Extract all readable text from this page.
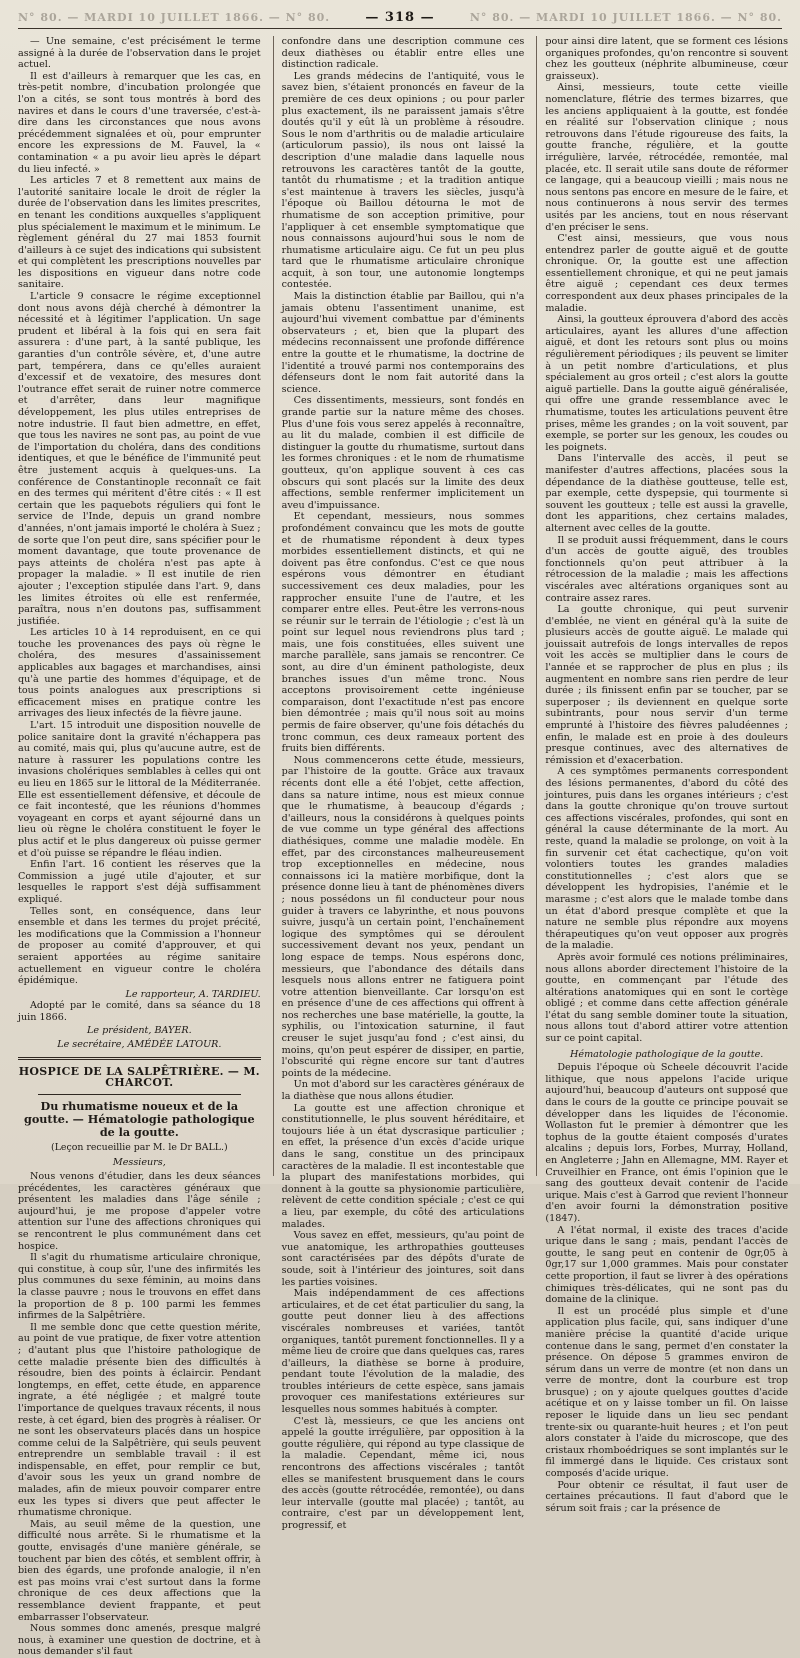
N° 80. — MARDI 10 JUILLET 1866. — N° 80.	— 318 —	N° 80. — MARDI 10 JUILLET 1866. — N° 80.

— Une semaine, c'est précisément le terme assigné à la durée de l'observation dans le projet actuel.

Il est d'ailleurs à remarquer que les cas, en très-petit nombre, d'incubation prolongée que l'on a cités, se sont tous montrés à bord des navires et dans le cours d'une traversée, c'est-à-dire dans les circonstances que nous avons précédemment signalées et où, pour emprunter encore les expressions de M. Fauvel, la « contamination « a pu avoir lieu après le départ du lieu infecté. »

Les articles 7 et 8 remettent aux mains de l'autorité sanitaire locale le droit de régler la durée de l'observation dans les limites prescrites, en tenant les conditions auxquelles s'appliquent plus spécialement le maximum et le minimum. Le règlement général du 27 mai 1853 fournit d'ailleurs à ce sujet des indications qui subsistent et qui complètent les prescriptions nouvelles par les dispositions en vigueur dans notre code sanitaire.

L'article 9 consacre le régime exceptionnel dont nous avons déjà cherché à démontrer la nécessité et à légitimer l'application. Un sage prudent et libéral à la fois qui en sera fait assurera : d'une part, à la santé publique, les garanties d'un contrôle sévère, et, d'une autre part, tempérera, dans ce qu'elles auraient d'excessif et de vexatoire, des mesures dont l'outrance effet serait de ruiner notre commerce et d'arrêter, dans leur magnifique développement, les plus utiles entreprises de notre industrie. Il faut bien admettre, en effet, que tous les navires ne sont pas, au point de vue de l'importation du choléra, dans des conditions identiques, et que le bénéfice de l'immunité peut être justement acquis à quelques-uns. La conférence de Constantinople reconnaît ce fait en des termes qui méritent d'être cités : « Il est certain que les paquebots réguliers qui font le service de l'Inde, depuis un grand nombre d'années, n'ont jamais importé le choléra à Suez ; de sorte que l'on peut dire, sans spécifier pour le moment davantage, que toute provenance de pays atteints de choléra n'est pas apte à propager la maladie. » Il est inutile de rien ajouter ; l'exception stipulée dans l'art. 9, dans les limites étroites où elle est renfermée, paraîtra, nous n'en doutons pas, suffisamment justifiée.

Les articles 10 à 14 reproduisent, en ce qui touche les provenances des pays où règne le choléra, des mesures d'assainissement applicables aux bagages et marchandises, ainsi qu'à une partie des hommes d'équipage, et de tous points analogues aux prescriptions si efficacement mises en pratique contre les arrivages des lieux infectés de la fièvre jaune.

L'art. 15 introduit une disposition nouvelle de police sanitaire dont la gravité n'échappera pas au comité, mais qui, plus qu'aucune autre, est de nature à rassurer les populations contre les invasions cholériques semblables à celles qui ont eu lieu en 1865 sur le littoral de la Méditerranée. Elle est essentiellement défensive, et découle de ce fait incontesté, que les réunions d'hommes voyageant en corps et ayant séjourné dans un lieu où règne le choléra constituent le foyer le plus actif et le plus dangereux où puisse germer et d'où puisse se répandre le fléau indien.

Enfin l'art. 16 contient les réserves que la Commission a jugé utile d'ajouter, et sur lesquelles le rapport s'est déjà suffisamment expliqué.

Telles sont, en conséquence, dans leur ensemble et dans les termes du projet précité, les modifications que la Commission a l'honneur de proposer au comité d'approuver, et qui seraient apportées au régime sanitaire actuellement en vigueur contre le choléra épidémique.

Le rapporteur, A. TARDIEU.

Adopté par le comité, dans sa séance du 18 juin 1866.

Le président, BAYER.
Le secrétaire, AMÉDÉE LATOUR.
HOSPICE DE LA SALPÊTRIÈRE. — M. CHARCOT.
Du rhumatisme noueux et de la goutte. — Hématologie pathologique de la goutte.
(Leçon recueillie par M. le Dr BALL.)
Messieurs,

Nous venons d'étudier, dans les deux séances précédentes, les caractères généraux que présentent les maladies dans l'âge sénile ; aujourd'hui, je me propose d'appeler votre attention sur l'une des affections chroniques qui se rencontrent le plus communément dans cet hospice.

Il s'agit du rhumatisme articulaire chronique, qui constitue, à coup sûr, l'une des infirmités les plus communes du sexe féminin, au moins dans la classe pauvre ; nous le trouvons en effet dans la proportion de 8 p. 100 parmi les femmes infirmes de la Salpêtrière.

Il me semble donc que cette question mérite, au point de vue pratique, de fixer votre attention ; d'autant plus que l'histoire pathologique de cette maladie présente bien des difficultés à résoudre, bien des points à éclaircir. Pendant longtemps, en effet, cette étude, en apparence ingrate, a été négligée ; et malgré toute l'importance de quelques travaux récents, il nous reste, à cet égard, bien des progrès à réaliser. Or ne sont les observateurs placés dans un hospice comme celui de la Salpêtrière, qui seuls peuvent entreprendre un semblable travail : il est indispensable, en effet, pour remplir ce but, d'avoir sous les yeux un grand nombre de malades, afin de mieux pouvoir comparer entre eux les types si divers que peut affecter le rhumatisme chronique.

Mais, au seuil même de la question, une difficulté nous arrête. Si le rhumatisme et la goutte, envisagés d'une manière générale, se touchent par bien des côtés, et semblent offrir, à bien des égards, une profonde analogie, il n'en est pas moins vrai c'est surtout dans la forme chronique de ces deux affections que la ressemblance devient frappante, et peut embarrasser l'observateur.

Nous sommes donc amenés, presque malgré nous, à examiner une question de doctrine, et à nous demander s'il faut

confondre dans une description commune ces deux diathèses ou établir entre elles une distinction radicale.

Les grands médecins de l'antiquité, vous le savez bien, s'étaient prononcés en faveur de la première de ces deux opinions ; ou pour parler plus exactement, ils ne paraissent jamais s'être doutés qu'il y eût là un problème à résoudre. Sous le nom d'arthritis ou de maladie articulaire (articulorum passio), ils nous ont laissé la description d'une maladie dans laquelle nous retrouvons les caractères tantôt de la goutte, tantôt du rhumatisme ; et la tradition antique s'est maintenue à travers les siècles, jusqu'à l'époque où Baillou détourna le mot de rhumatisme de son acception primitive, pour l'appliquer à cet ensemble symptomatique que nous connaissons aujourd'hui sous le nom de rhumatisme articulaire aigu. Ce fut un peu plus tard que le rhumatisme articulaire chronique acquit, à son tour, une autonomie longtemps contestée.

Mais la distinction établie par Baillou, qui n'a jamais obtenu l'assentiment unanime, est aujourd'hui vivement combattue par d'éminents observateurs ; et, bien que la plupart des médecins reconnaissent une profonde différence entre la goutte et le rhumatisme, la doctrine de l'identité a trouvé parmi nos contemporains des défenseurs dont le nom fait autorité dans la science.

Ces dissentiments, messieurs, sont fondés en grande partie sur la nature même des choses. Plus d'une fois vous serez appelés à reconnaître, au lit du malade, combien il est difficile de distinguer la goutte du rhumatisme, surtout dans les formes chroniques : et le nom de rhumatisme goutteux, qu'on applique souvent à ces cas obscurs qui sont placés sur la limite des deux affections, semble renfermer implicitement un aveu d'impuissance.

Et cependant, messieurs, nous sommes profondément convaincu que les mots de goutte et de rhumatisme répondent à deux types morbides essentiellement distincts, et qui ne doivent pas être confondus. C'est ce que nous espérons vous démontrer en étudiant successivement ces deux maladies, pour les rapprocher ensuite l'une de l'autre, et les comparer entre elles. Peut-être les verrons-nous se réunir sur le terrain de l'étiologie ; c'est là un point sur lequel nous reviendrons plus tard ; mais, une fois constituées, elles suivent une marche parallèle, sans jamais se rencontrer. Ce sont, au dire d'un éminent pathologiste, deux branches issues d'un même tronc. Nous acceptons provisoirement cette ingénieuse comparaison, dont l'exactitude n'est pas encore bien démontrée ; mais qu'il nous soit au moins permis de faire observer, qu'une fois détachés du tronc commun, ces deux rameaux portent des fruits bien différents.

Nous commencerons cette étude, messieurs, par l'histoire de la goutte. Grâce aux travaux récents dont elle a été l'objet, cette affection, dans sa nature intime, nous est mieux connue que le rhumatisme, à beaucoup d'égards ; d'ailleurs, nous la considérons à quelques points de vue comme un type général des affections diathésiques, comme une maladie modèle. En effet, par des circonstances malheureusement trop exceptionnelles en médecine, nous connaissons ici la matière morbifique, dont la présence donne lieu à tant de phénomènes divers ; nous possédons un fil conducteur pour nous guider à travers ce labyrinthe, et nous pouvons suivre, jusqu'à un certain point, l'enchaînement logique des symptômes qui se déroulent successivement devant nos yeux, pendant un long espace de temps. Nous espérons donc, messieurs, que l'abondance des détails dans lesquels nous allons entrer ne fatiguera point votre attention bienveillante. Car lorsqu'on est en présence d'une de ces affections qui offrent à nos recherches une base matérielle, la goutte, la syphilis, ou l'intoxication saturnine, il faut creuser le sujet jusqu'au fond ; c'est ainsi, du moins, qu'on peut espérer de dissiper, en partie, l'obscurité qui règne encore sur tant d'autres points de la médecine.

Un mot d'abord sur les caractères généraux de la diathèse que nous allons étudier.

La goutte est une affection chronique et constitutionnelle, le plus souvent héréditaire, et toujours liée à un état dyscrasique particulier ; en effet, la présence d'un excès d'acide urique dans le sang, constitue un des principaux caractères de la maladie. Il est incontestable que la plupart des manifestations morbides, qui donnent à la goutte sa physionomie particulière, relèvent de cette condition spéciale ; c'est ce qui a lieu, par exemple, du côté des articulations malades.

Vous savez en effet, messieurs, qu'au point de vue anatomique, les arthropathies goutteuses sont caractérisées par des dépôts d'urate de soude, soit à l'intérieur des jointures, soit dans les parties voisines.

Mais indépendamment de ces affections articulaires, et de cet état particulier du sang, la goutte peut donner lieu à des affections viscérales nombreuses et variées, tantôt organiques, tantôt purement fonctionnelles. Il y a même lieu de croire que dans quelques cas, rares d'ailleurs, la diathèse se borne à produire, pendant toute l'évolution de la maladie, des troubles intérieurs de cette espèce, sans jamais provoquer ces manifestations extérieures sur lesquelles nous sommes habitués à compter.

C'est là, messieurs, ce que les anciens ont appelé la goutte irrégulière, par opposition à la goutte régulière, qui répond au type classique de la maladie. Cependant, même ici, nous rencontrons des affections viscérales ; tantôt elles se manifestent brusquement dans le cours des accès (goutte rétrocédée, remontée), ou dans leur intervalle (goutte mal placée) ; tantôt, au contraire, c'est par un développement lent, progressif, et

pour ainsi dire latent, que se forment ces lésions organiques profondes, qu'on rencontre si souvent chez les goutteux (néphrite albumineuse, cœur graisseux).

Ainsi, messieurs, toute cette vieille nomenclature, flétrie des termes bizarres, que les anciens appliquaient à la goutte, est fondée en réalité sur l'observation clinique ; nous retrouvons dans l'étude rigoureuse des faits, la goutte franche, régulière, et la goutte irrégulière, larvée, rétrocédée, remontée, mal placée, etc. Il serait utile sans doute de réformer ce langage, qui a beaucoup vieilli ; mais nous ne nous sentons pas encore en mesure de le faire, et nous continuerons à nous servir des termes usités par les anciens, tout en nous réservant d'en préciser le sens.

C'est ainsi, messieurs, que vous nous entendrez parler de goutte aiguë et de goutte chronique. Or, la goutte est une affection essentiellement chronique, et qui ne peut jamais être aiguë ; cependant ces deux termes correspondent aux deux phases principales de la maladie.

Ainsi, la goutteux éprouvera d'abord des accès articulaires, ayant les allures d'une affection aiguë, et dont les retours sont plus ou moins régulièrement périodiques ; ils peuvent se limiter à un petit nombre d'articulations, et plus spécialement au gros orteil ; c'est alors la goutte aiguë partielle. Dans la goutte aiguë généralisée, qui offre une grande ressemblance avec le rhumatisme, toutes les articulations peuvent être prises, même les grandes ; on la voit souvent, par exemple, se porter sur les genoux, les coudes ou les poignets.

Dans l'intervalle des accès, il peut se manifester d'autres affections, placées sous la dépendance de la diathèse goutteuse, telle est, par exemple, cette dyspepsie, qui tourmente si souvent les goutteux ; telle est aussi la gravelle, dont les apparitions, chez certains malades, alternent avec celles de la goutte.

Il se produit aussi fréquemment, dans le cours d'un accès de goutte aiguë, des troubles fonctionnels qu'on peut attribuer à la rétrocession de la maladie ; mais les affections viscérales avec altérations organiques sont au contraire assez rares.

La goutte chronique, qui peut survenir d'emblée, ne vient en général qu'à la suite de plusieurs accès de goutte aiguë. Le malade qui jouissait autrefois de longs intervalles de repos voit les accès se multiplier dans le cours de l'année et se rapprocher de plus en plus ; ils augmentent en nombre sans rien perdre de leur durée ; ils finissent enfin par se toucher, par se superposer ; ils deviennent en quelque sorte subintrants, pour nous servir d'un terme emprunté à l'histoire des fièvres paludéennes ; enfin, le malade est en proie à des douleurs presque continues, avec des alternatives de rémission et d'exacerbation.

A ces symptômes permanents correspondent des lésions permanentes, d'abord du côté des jointures, puis dans les organes intérieurs ; c'est dans la goutte chronique qu'on trouve surtout ces affections viscérales, profondes, qui sont en général la cause déterminante de la mort. Au reste, quand la maladie se prolonge, on voit à la fin survenir cet état cachectique, qu'on voit volontiers toutes les grandes maladies constitutionnelles ; c'est alors que se développent les hydropisies, l'anémie et le marasme ; c'est alors que le malade tombe dans un état d'abord presque complète et que la nature ne semble plus répondre aux moyens thérapeutiques qu'on veut opposer aux progrès de la maladie.

Après avoir formulé ces notions préliminaires, nous allons aborder directement l'histoire de la goutte, en commençant par l'étude des altérations anatomiques qui en sont le cortège obligé ; et comme dans cette affection générale l'état du sang semble dominer toute la situation, nous allons tout d'abord attirer votre attention sur ce point capital.

Hématologie pathologique de la goutte.

Depuis l'époque où Scheele découvrit l'acide lithique, que nous appelons l'acide urique aujourd'hui, beaucoup d'auteurs ont supposé que dans le cours de la goutte ce principe pouvait se développer dans les liquides de l'économie. Wollaston fut le premier à démontrer que les tophus de la goutte étaient composés d'urates alcalins ; depuis lors, Forbes, Murray, Holland, en Angleterre ; Jahn en Allemagne, MM. Rayer et Cruveilhier en France, ont émis l'opinion que le sang des goutteux devait contenir de l'acide urique. Mais c'est à Garrod que revient l'honneur d'en avoir fourni la démonstration positive (1847).

A l'état normal, il existe des traces d'acide urique dans le sang ; mais, pendant l'accès de goutte, le sang peut en contenir de 0gr,05 à 0gr,17 sur 1,000 grammes. Mais pour constater cette proportion, il faut se livrer à des opérations chimiques très-délicates, qui ne sont pas du domaine de la clinique.

Il est un procédé plus simple et d'une application plus facile, qui, sans indiquer d'une manière précise la quantité d'acide urique contenue dans le sang, permet d'en constater la présence. On dépose 5 grammes environ de sérum dans un verre de montre (et non dans un verre de montre, dont la courbure est trop brusque) ; on y ajoute quelques gouttes d'acide acétique et on y laisse tomber un fil. On laisse reposer le liquide dans un lieu sec pendant trente-six ou quarante-huit heures ; et l'on peut alors constater à l'aide du microscope, que des cristaux rhomboédriques se sont implantés sur le fil immergé dans le liquide. Ces cristaux sont composés d'acide urique.

Pour obtenir ce résultat, il faut user de certaines précautions. Il faut d'abord que le sérum soit frais ; car la présence de
